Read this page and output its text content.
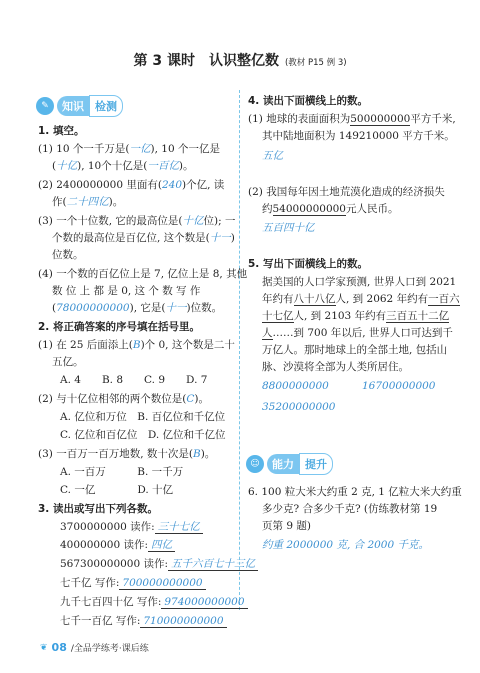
第 3 课时　认识整亿数 (教材 P15 例 3)
✎	知识	检测
1. 填空。
(1) 10 个一千万是(一亿), 10 个一亿是
(十亿), 10个十亿是(一百亿)。
(2) 2400000000 里面有(240)个亿, 读
作(二十四亿)。
(3) 一个十位数, 它的最高位是(十亿位); 一
个数的最高位是百亿位, 这个数是(十一)
位数。
(4) 一个数的百亿位上是 7, 亿位上是 8, 其他
数 位 上 都 是 0, 这 个 数 写 作
(78000000000), 它是(十一)位数。
2. 将正确答案的序号填在括号里。
(1) 在 25 后面添上(B)个 0, 这个数是二十
五亿。
A. 4　　B. 8　　C. 9　　D. 7
(2) 与十亿位相邻的两个数位是(C)。
A. 亿位和万位　B. 百亿位和千亿位
C. 亿位和百亿位　D. 亿位和千亿位
(3) 一百万一百万地数, 数十次是(B)。
A. 一百万　　　B. 一千万
C. 一亿　　　　D. 十亿
3. 读出或写出下列各数。
3700000000 读作: 三十七亿
400000000 读作: 四亿
567300000000 读作: 五千六百七十三亿
七千亿 写作: 700000000000
九千七百四十亿 写作: 974000000000
七千一百亿 写作: 710000000000
4. 读出下面横线上的数。
(1) 地球的表面面积为500000000平方千米,
其中陆地面积为 149210000 平方千米。
五亿
(2) 我国每年因土地荒漠化造成的经济损失
约54000000000元人民币。
五百四十亿
5. 写出下面横线上的数。
据美国的人口学家预测, 世界人口到 2021
年约有八十八亿人, 到 2062 年约有一百六
十七亿人, 到 2103 年约有三百五十二亿
人……到 700 年以后, 世界人口可达到千
万亿人。那时地球上的全部土地, 包括山
脉、沙漠将全部为人类所居住。
8800000000	16700000000
35200000000
☺	能力	提升
6. 100 粒大米大约重 2 克, 1 亿粒大米大约重
多少克? 合多少千克? (仿练教材第 19
页第 9 题)
约重 2000000 克, 合 2000 千克。
❦ 08 /全品学练考·课后练
